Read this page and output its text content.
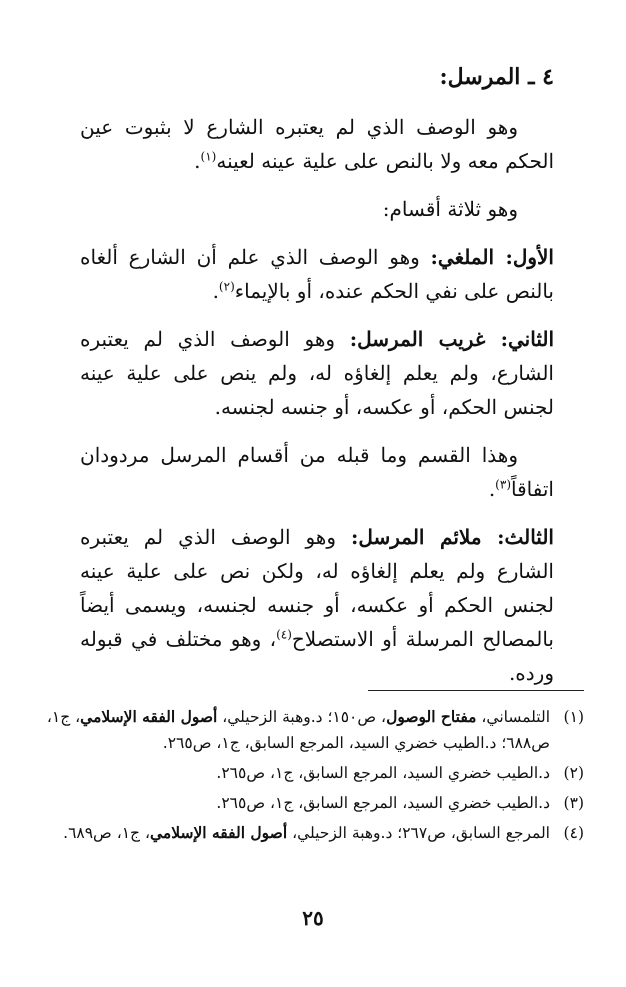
٤ ـ المرسل:

وهو الوصف الذي لم يعتبره الشارع لا بثبوت عين الحكم معه ولا بالنص على علية عينه لعينه$^{(١)}$.

وهو ثلاثة أقسام:

الأول: الملغي: وهو الوصف الذي علم أن الشارع ألغاه بالنص على نفي الحكم عنده، أو بالإيماء$^{(٢)}$.

الثاني: غريب المرسل: وهو الوصف الذي لم يعتبره الشارع، ولم يعلم إلغاؤه له، ولم ينص على علية عينه لجنس الحكم، أو عكسه، أو جنسه لجنسه.

وهذا القسم وما قبله من أقسام المرسل مردودان اتفاقاً$^{(٣)}$.

الثالث: ملائم المرسل: وهو الوصف الذي لم يعتبره الشارع ولم يعلم إلغاؤه له، ولكن نص على علية عينه لجنس الحكم أو عكسه، أو جنسه لجنسه، ويسمى أيضاً بالمصالح المرسلة أو الاستصلاح$^{(٤)}$، وهو مختلف في قبوله ورده.

(١)
التلمساني، مفتاح الوصول، ص١٥٠؛ د.وهبة الزحيلي، أصول الفقه الإسلامي، ج١، ص٦٨٨؛ د.الطيب خضري السيد، المرجع السابق، ج١، ص٢٦٥.
(٢)
د.الطيب خضري السيد، المرجع السابق، ج١، ص٢٦٥.
(٣)
د.الطيب خضري السيد، المرجع السابق، ج١، ص٢٦٥.
(٤)
المرجع السابق، ص٢٦٧؛ د.وهبة الزحيلي، أصول الفقه الإسلامي، ج١، ص٦٨٩.
٢٥
